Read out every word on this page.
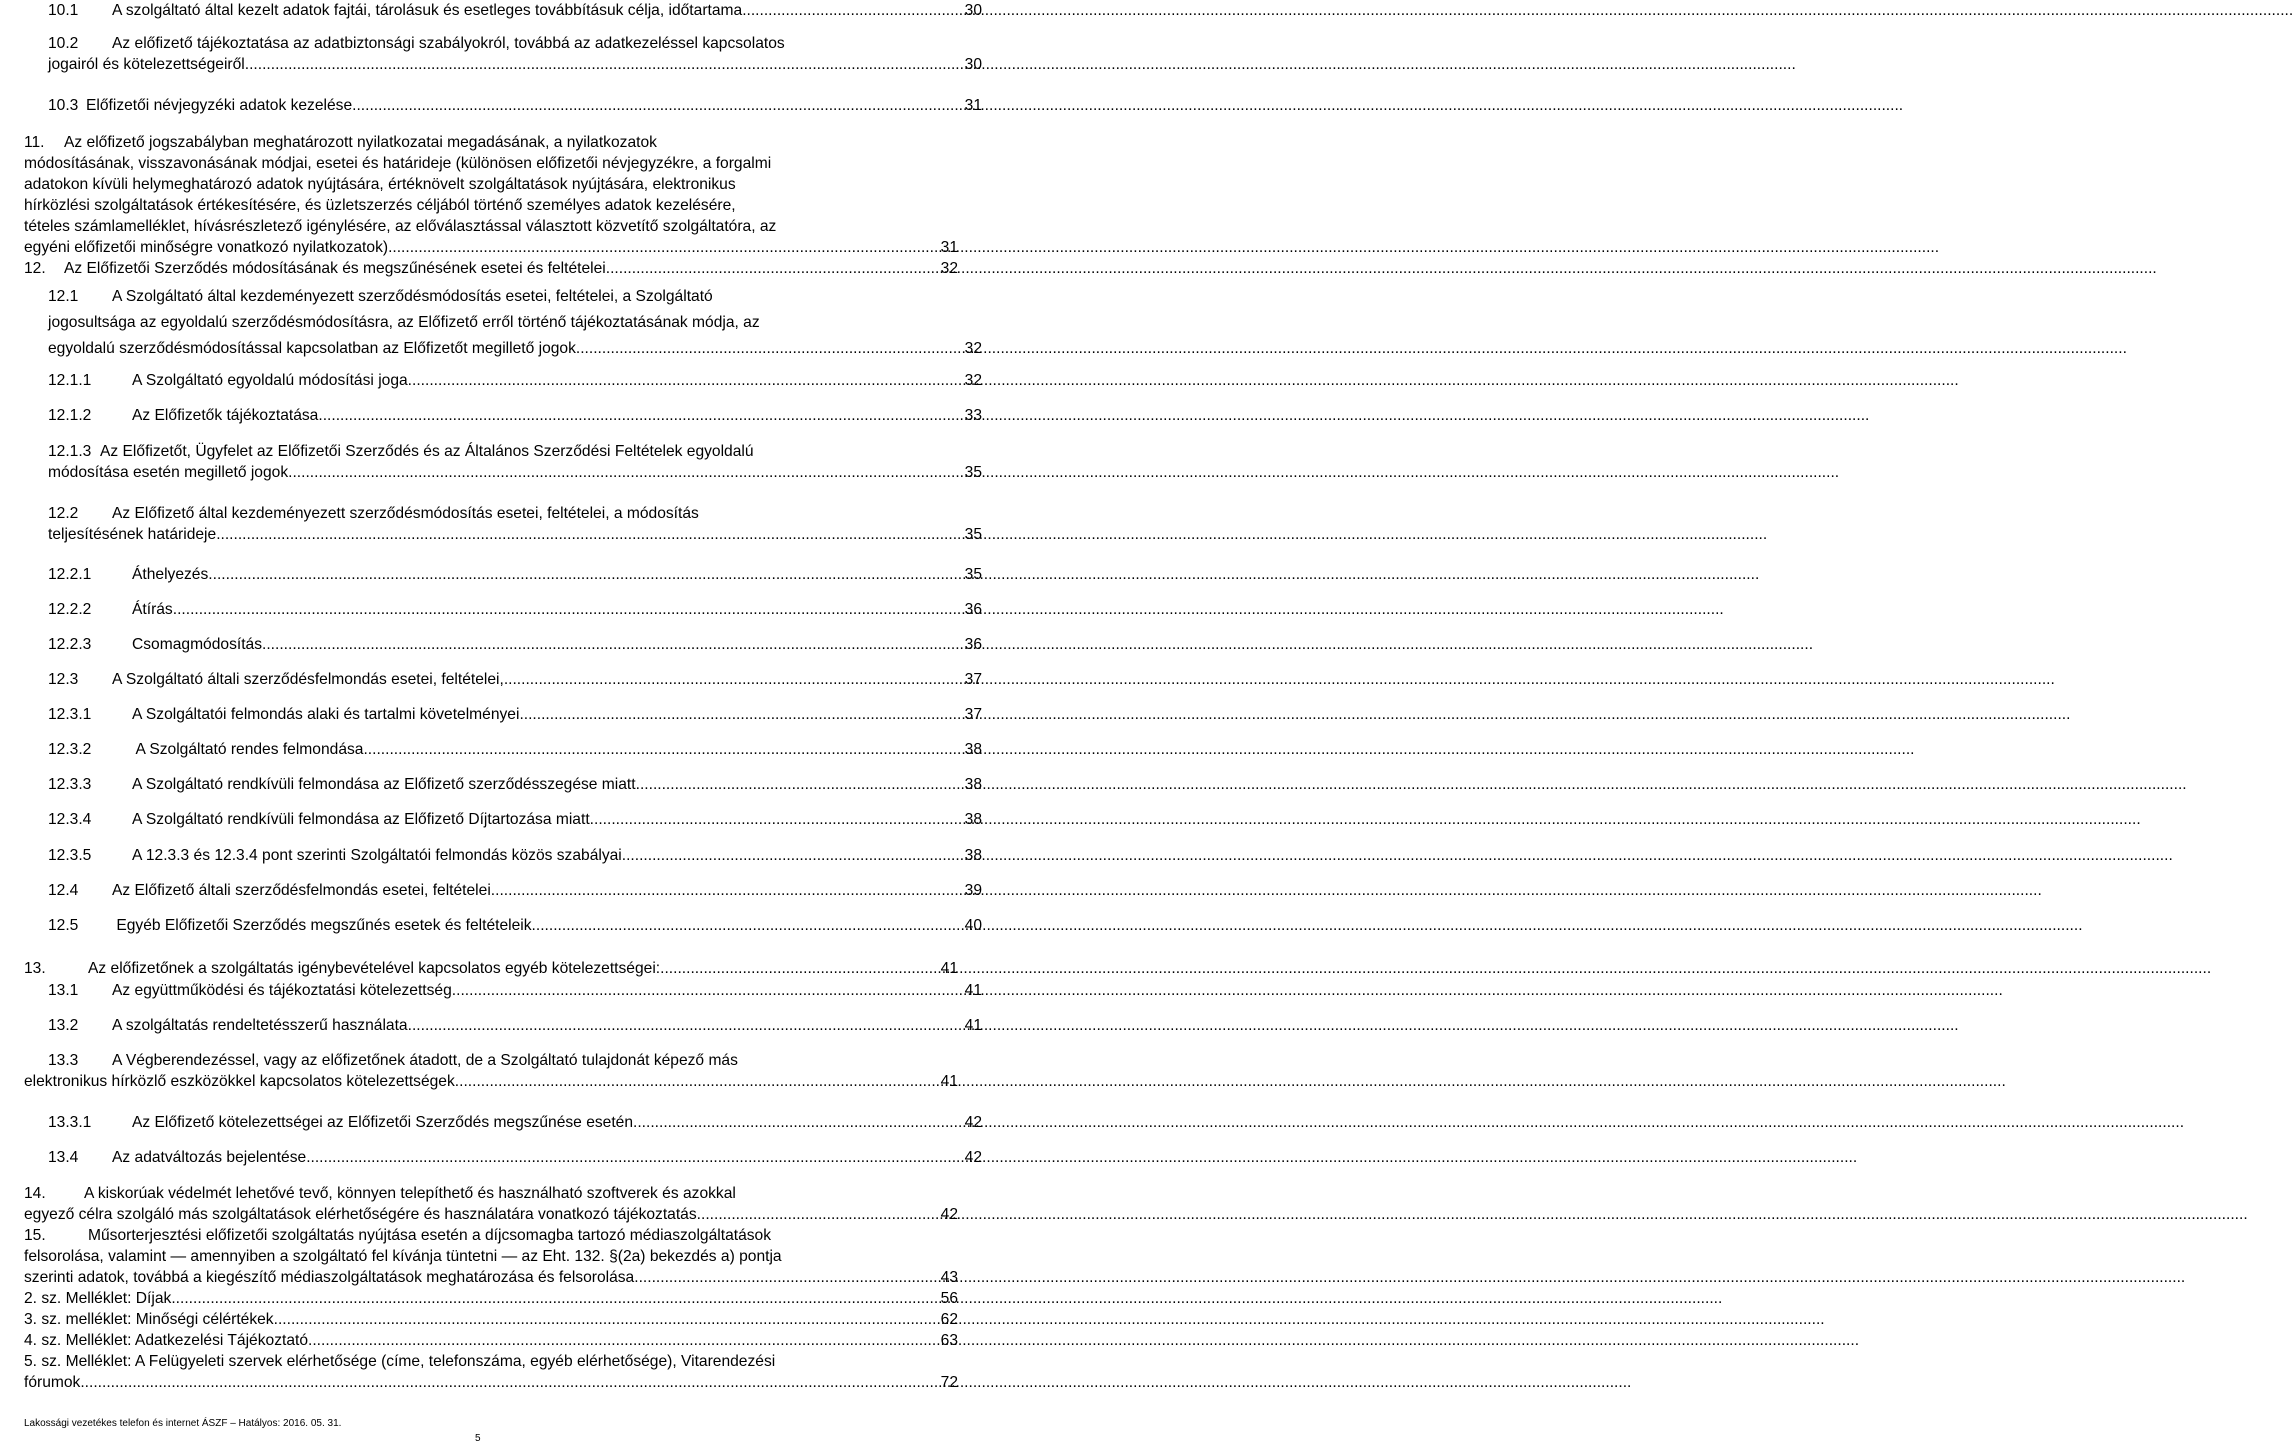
10.1	A szolgáltató által kezelt adatok fajtái, tárolásuk és esetleges továbbításuk célja, időtartama .....	30
10.2 Az előfizető tájékoztatása az adatbiztonsági szabályokról, továbbá az adatkezeléssel kapcsolatos
jogairól és kötelezettségeiről .....	30
10.3 Előfizetői névjegyzéki adatok kezelése .....	31
11. Az előfizető jogszabályban meghatározott nyilatkozatai megadásának, a nyilatkozatok
módosításának, visszavonásának módjai, esetei és határideje (különösen előfizetői névjegyzékre, a forgalmi
adatokon kívüli helymeghatározó adatok nyújtására, értéknövelt szolgáltatások nyújtására, elektronikus
hírközlési szolgáltatások értékesítésére, és üzletszerzés céljából történő személyes adatok kezelésére,
tételes számlamelléklet, hívásrészletező igénylésére, az előválasztással választott közvetítő szolgáltatóra, az
egyéni előfizetői minőségre vonatkozó nyilatkozatok) .....	31
12.	Az Előfizetői Szerződés módosításának és megszűnésének esetei és feltételei .....	32
12.1 A Szolgáltató által kezdeményezett szerződésmódosítás esetei, feltételei, a Szolgáltató
jogosultsága az egyoldalú szerződésmódosításra, az Előfizető erről történő tájékoztatásának módja, az
egyoldalú szerződésmódosítással kapcsolatban az Előfizetőt megillető jogok .....	32
12.1.1	A Szolgáltató egyoldalú módosítási joga .....	32
12.1.2	Az Előfizetők tájékoztatása .....	33
12.1.3 Az Előfizetőt, Ügyfelet az Előfizetői Szerződés és az Általános Szerződési Feltételek egyoldalú
módosítása esetén megillető jogok .....	35
12.2 Az Előfizető által kezdeményezett szerződésmódosítás esetei, feltételei, a módosítás
teljesítésének határideje .....	35
12.2.1	Áthelyezés .....	35
12.2.2	Átírás .....	36
12.2.3	Csomagmódosítás .....	36
12.3	A Szolgáltató általi szerződésfelmondás esetei, feltételei, .....	37
12.3.1	A Szolgáltatói felmondás alaki és tartalmi követelményei .....	37
12.3.2	A Szolgáltató rendes felmondása .....	38
12.3.3	A Szolgáltató rendkívüli felmondása az Előfizető szerződésszegése miatt .....	38
12.3.4	A Szolgáltató rendkívüli felmondása az Előfizető Díjtartozása miatt .....	38
12.3.5	A 12.3.3 és 12.3.4 pont szerinti Szolgáltatói felmondás közös szabályai .....	38
12.4	Az Előfizető általi szerződésfelmondás esetei, feltételei .....	39
12.5	Egyéb Előfizetői Szerződés megszűnés esetek és feltételeik .....	40
13.	Az előfizetőnek a szolgáltatás igénybevételével kapcsolatos egyéb kötelezettségei: .....	41
13.1	Az együttműködési és tájékoztatási kötelezettség .....	41
13.2	A szolgáltatás rendeltetésszerű használata .....	41
13.3 A Végberendezéssel, vagy az előfizetőnek átadott, de a Szolgáltató tulajdonát képező más
elektronikus hírközlő eszközökkel kapcsolatos kötelezettségek .....	41
13.3.1	Az Előfizető kötelezettségei az Előfizetői Szerződés megszűnése esetén .....	42
13.4	Az adatváltozás bejelentése .....	42
14. A kiskorúak védelmét lehetővé tevő, könnyen telepíthető és használható szoftverek és azokkal
egyező célra szolgáló más szolgáltatások elérhetőségére és használatára vonatkozó tájékoztatás .....	42
15.	Műsorterjesztési előfizetői szolgáltatás nyújtása esetén a díjcsomagba tartozó médiaszolgáltatások
felsorolása, valamint — amennyiben a szolgáltató fel kívánja tüntetni — az Eht. 132. §(2a) bekezdés a) pontja
szerinti adatok, továbbá a kiegészítő médiaszolgáltatások meghatározása és felsorolása .....	43
2. sz. Melléklet: Díjak .....	56
3. sz. melléklet: Minőségi célértékek .....	62
4. sz. Melléklet: Adatkezelési Tájékoztató .....	63
5. sz. Melléklet: A Felügyeleti szervek elérhetősége (címe, telefonszáma, egyéb elérhetősége), Vitarendezési
fórumok .....	72
Lakossági vezetékes telefon és internet ÁSZF – Hatályos: 2016. 05. 31.
5
